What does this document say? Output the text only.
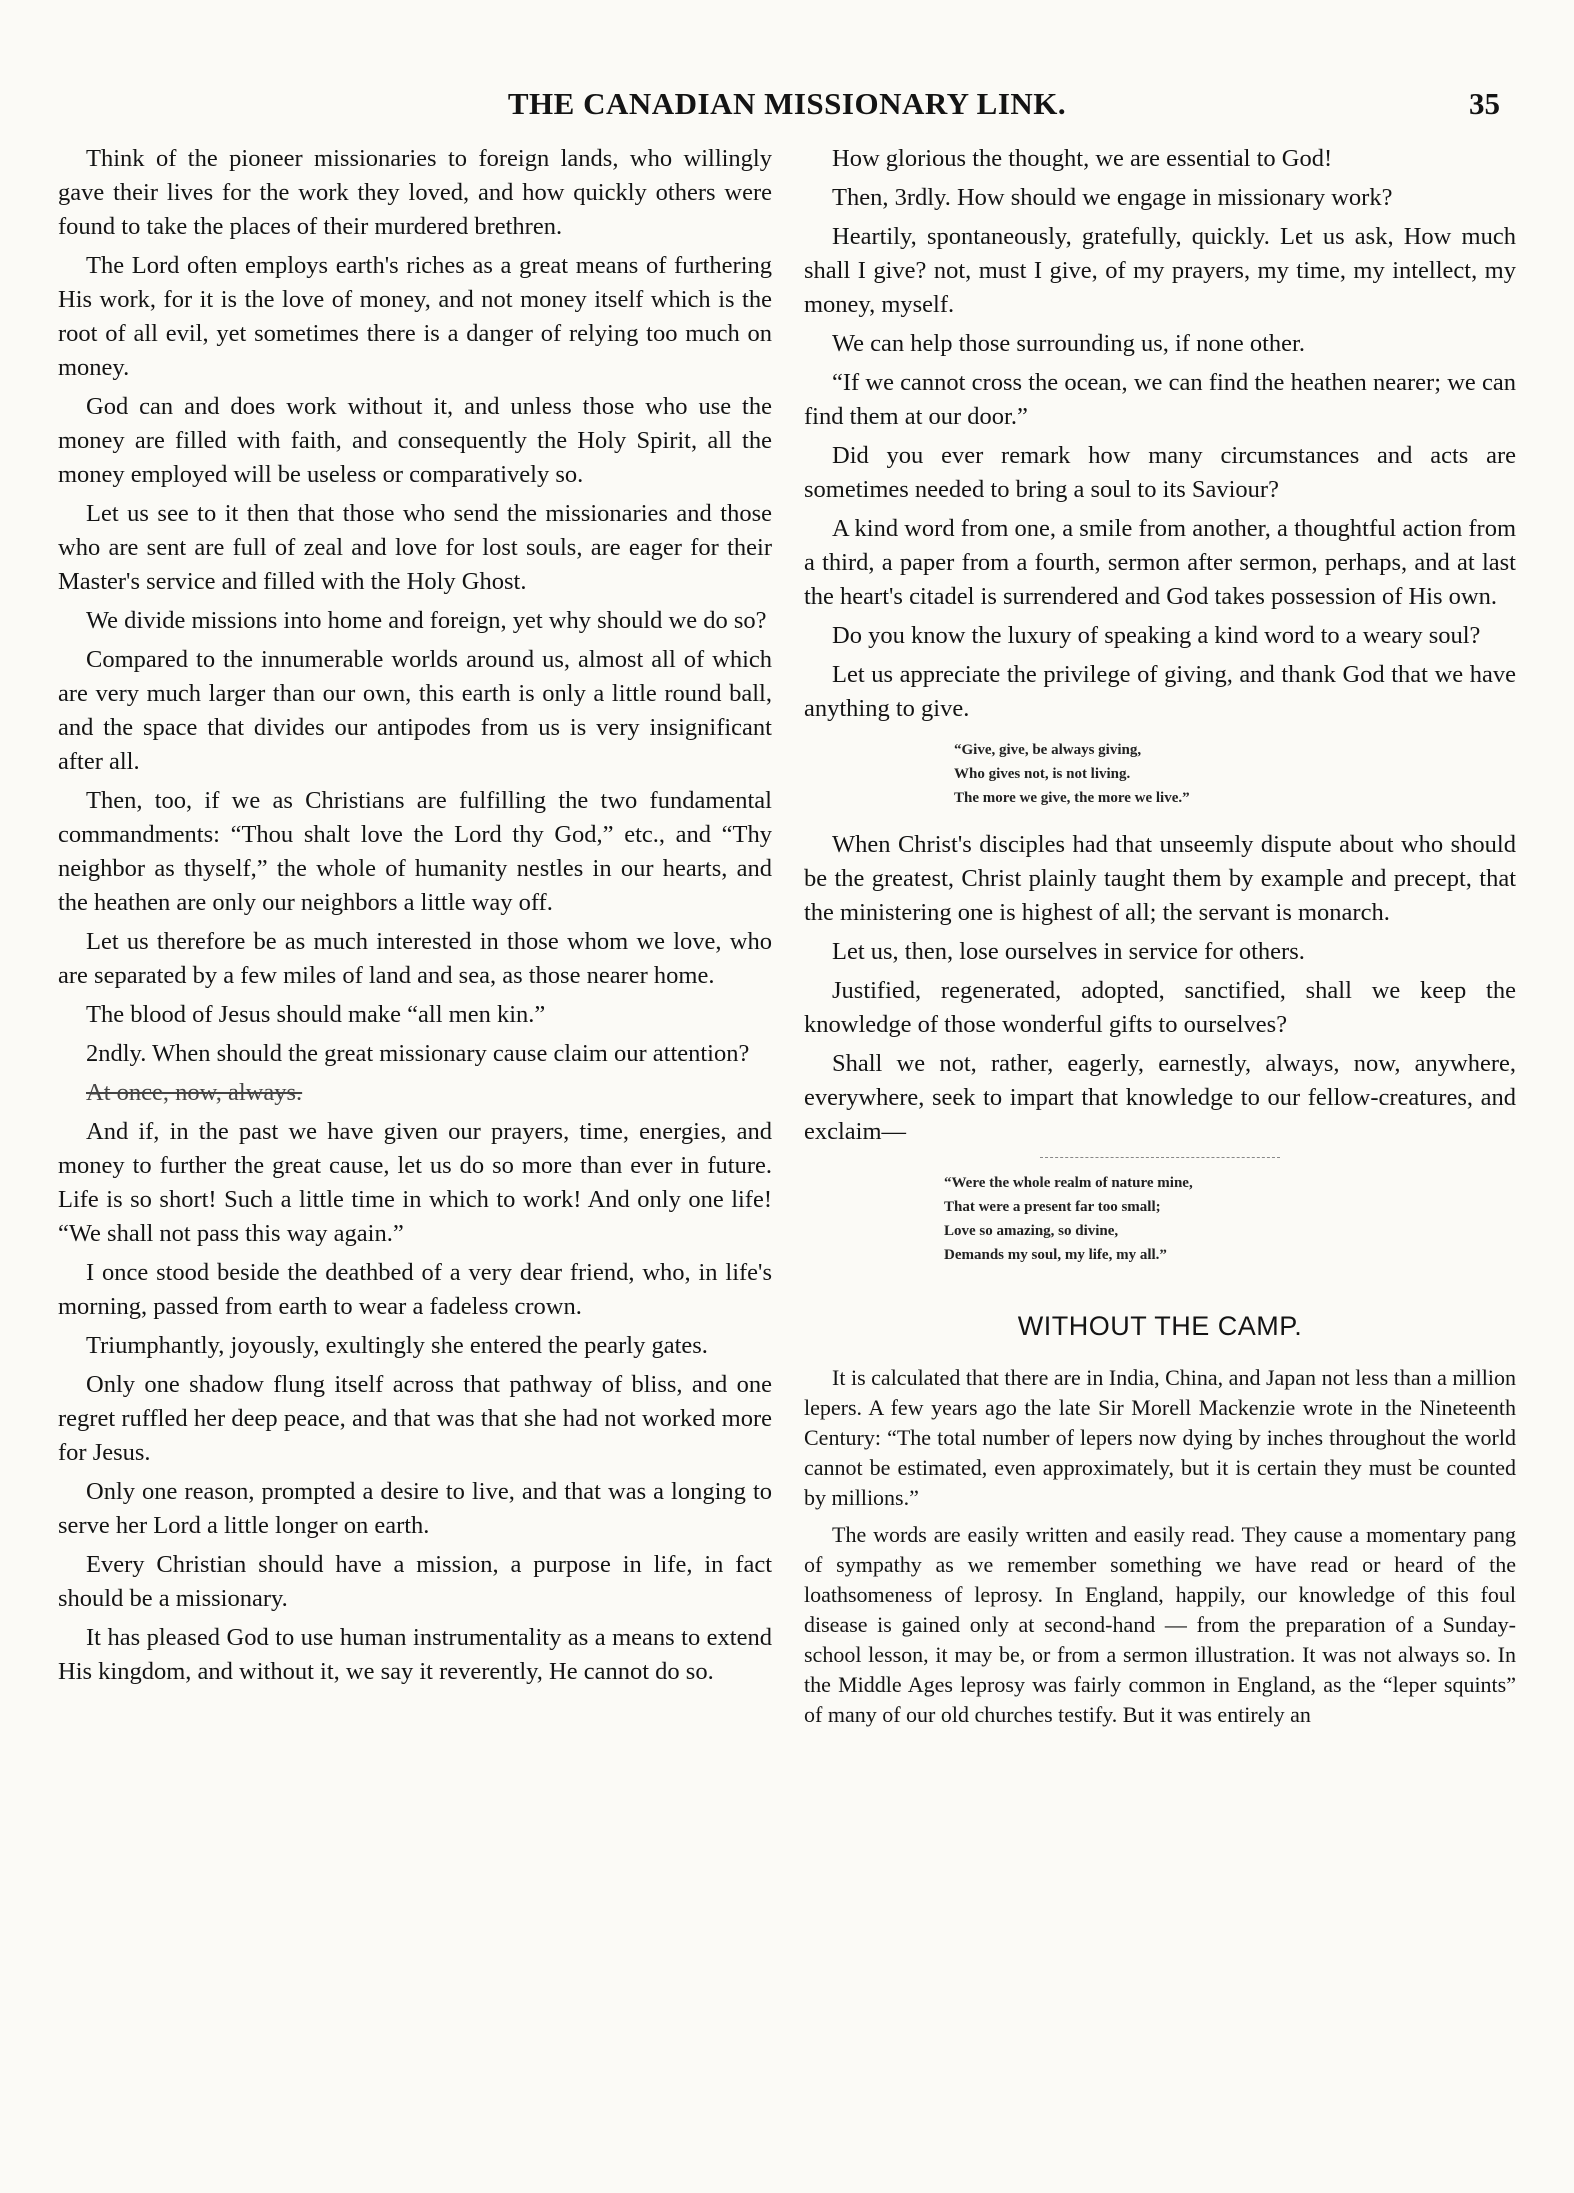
THE CANADIAN MISSIONARY LINK.	35

Think of the pioneer missionaries to foreign lands, who willingly gave their lives for the work they loved, and how quickly others were found to take the places of their murdered brethren.

The Lord often employs earth's riches as a great means of furthering His work, for it is the love of money, and not money itself which is the root of all evil, yet sometimes there is a danger of relying too much on money.

God can and does work without it, and unless those who use the money are filled with faith, and consequently the Holy Spirit, all the money employed will be useless or comparatively so.

Let us see to it then that those who send the missionaries and those who are sent are full of zeal and love for lost souls, are eager for their Master's service and filled with the Holy Ghost.

We divide missions into home and foreign, yet why should we do so?

Compared to the innumerable worlds around us, almost all of which are very much larger than our own, this earth is only a little round ball, and the space that divides our antipodes from us is very insignificant after all.

Then, too, if we as Christians are fulfilling the two fundamental commandments: “Thou shalt love the Lord thy God,” etc., and “Thy neighbor as thyself,” the whole of humanity nestles in our hearts, and the heathen are only our neighbors a little way off.

Let us therefore be as much interested in those whom we love, who are separated by a few miles of land and sea, as those nearer home.

The blood of Jesus should make “all men kin.”

2ndly. When should the great missionary cause claim our attention?

At once, now, always.

And if, in the past we have given our prayers, time, energies, and money to further the great cause, let us do so more than ever in future. Life is so short! Such a little time in which to work! And only one life! “We shall not pass this way again.”

I once stood beside the deathbed of a very dear friend, who, in life's morning, passed from earth to wear a fadeless crown.

Triumphantly, joyously, exultingly she entered the pearly gates.

Only one shadow flung itself across that pathway of bliss, and one regret ruffled her deep peace, and that was that she had not worked more for Jesus.

Only one reason, prompted a desire to live, and that was a longing to serve her Lord a little longer on earth.

Every Christian should have a mission, a purpose in life, in fact should be a missionary.

It has pleased God to use human instrumentality as a means to extend His kingdom, and without it, we say it reverently, He cannot do so.

How glorious the thought, we are essential to God!

Then, 3rdly. How should we engage in missionary work?

Heartily, spontaneously, gratefully, quickly. Let us ask, How much shall I give? not, must I give, of my prayers, my time, my intellect, my money, myself.

We can help those surrounding us, if none other.

“If we cannot cross the ocean, we can find the heathen nearer; we can find them at our door.”

Did you ever remark how many circumstances and acts are sometimes needed to bring a soul to its Saviour?

A kind word from one, a smile from another, a thoughtful action from a third, a paper from a fourth, sermon after sermon, perhaps, and at last the heart's citadel is surrendered and God takes possession of His own.

Do you know the luxury of speaking a kind word to a weary soul?

Let us appreciate the privilege of giving, and thank God that we have anything to give.

“Give, give, be always giving,
Who gives not, is not living.
The more we give, the more we live.”

When Christ's disciples had that unseemly dispute about who should be the greatest, Christ plainly taught them by example and precept, that the ministering one is highest of all; the servant is monarch.

Let us, then, lose ourselves in service for others.

Justified, regenerated, adopted, sanctified, shall we keep the knowledge of those wonderful gifts to ourselves?

Shall we not, rather, eagerly, earnestly, always, now, anywhere, everywhere, seek to impart that knowledge to our fellow-creatures, and exclaim—

“Were the whole realm of nature mine,
That were a present far too small;
Love so amazing, so divine,
Demands my soul, my life, my all.”
WITHOUT THE CAMP.

It is calculated that there are in India, China, and Japan not less than a million lepers. A few years ago the late Sir Morell Mackenzie wrote in the Nineteenth Century: “The total number of lepers now dying by inches throughout the world cannot be estimated, even approximately, but it is certain they must be counted by millions.”

The words are easily written and easily read. They cause a momentary pang of sympathy as we remember something we have read or heard of the loathsomeness of leprosy. In England, happily, our knowledge of this foul disease is gained only at second-hand — from the preparation of a Sunday-school lesson, it may be, or from a sermon illustration. It was not always so. In the Middle Ages leprosy was fairly common in England, as the “leper squints” of many of our old churches testify. But it was entirely an
